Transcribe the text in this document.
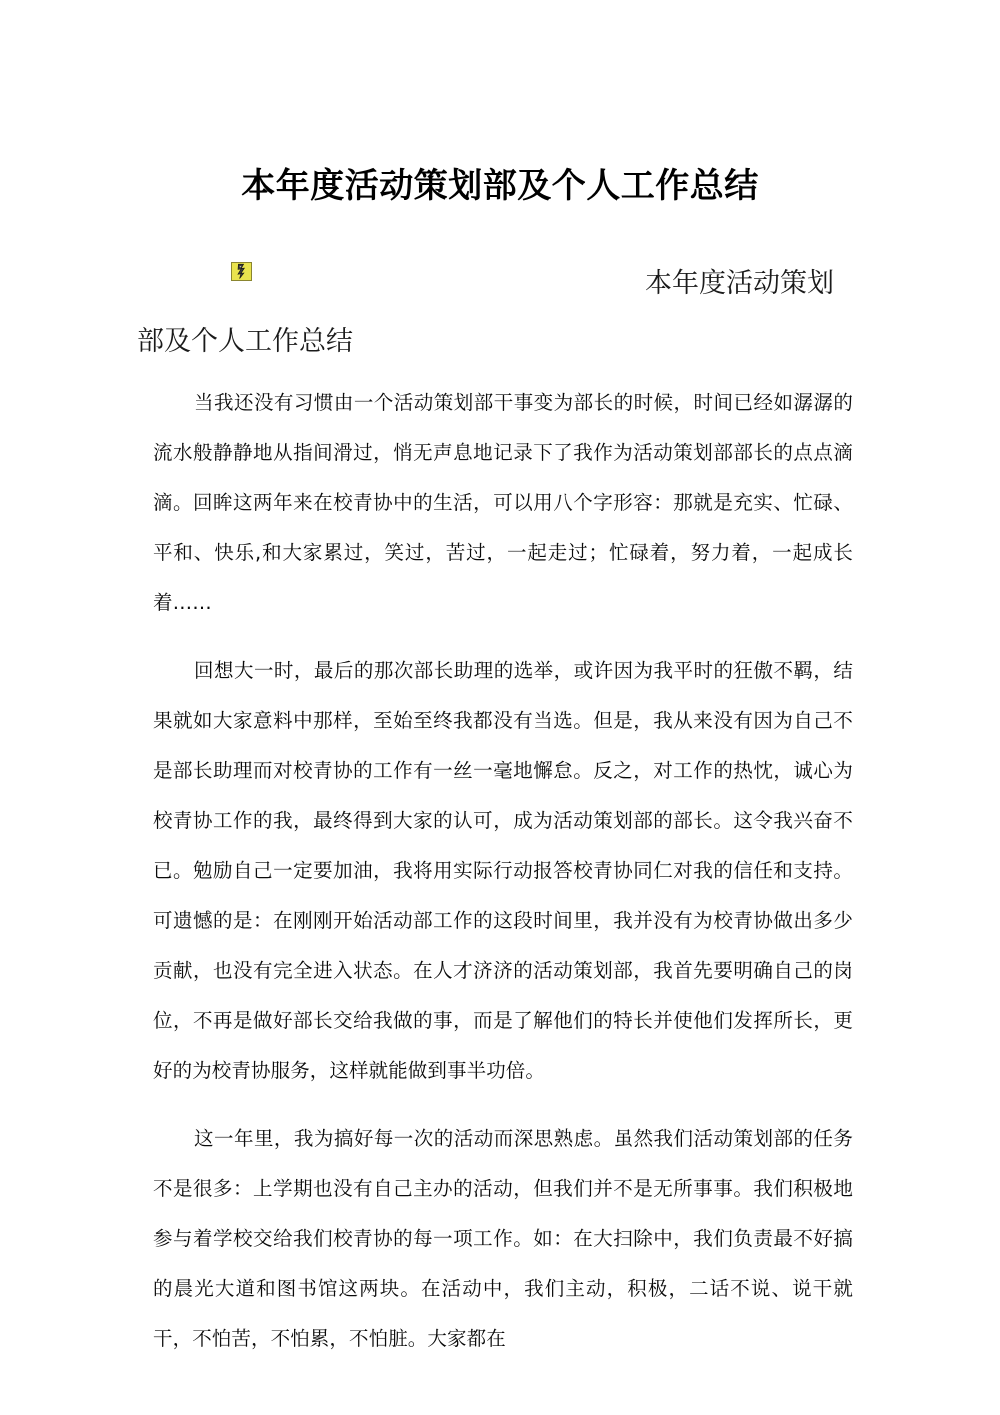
本年度活动策划部及个人工作总结
本年度活动策划
部及个人工作总结

当我还没有习惯由一个活动策划部干事变为部长的时候，时间已经如潺潺的流水般静静地从指间滑过，悄无声息地记录下了我作为活动策划部部长的点点滴滴。回眸这两年来在校青协中的生活，可以用八个字形容：那就是充实、忙碌、平和、快乐,和大家累过，笑过，苦过，一起走过；忙碌着，努力着，一起成长着……

回想大一时，最后的那次部长助理的选举，或许因为我平时的狂傲不羁，结果就如大家意料中那样，至始至终我都没有当选。但是，我从来没有因为自己不是部长助理而对校青协的工作有一丝一毫地懈怠。反之，对工作的热忱，诚心为校青协工作的我，最终得到大家的认可，成为活动策划部的部长。这令我兴奋不已。勉励自己一定要加油，我将用实际行动报答校青协同仁对我的信任和支持。可遗憾的是：在刚刚开始活动部工作的这段时间里，我并没有为校青协做出多少贡献，也没有完全进入状态。在人才济济的活动策划部，我首先要明确自己的岗位，不再是做好部长交给我做的事，而是了解他们的特长并使他们发挥所长，更好的为校青协服务，这样就能做到事半功倍。

这一年里，我为搞好每一次的活动而深思熟虑。虽然我们活动策划部的任务不是很多：上学期也没有自己主办的活动，但我们并不是无所事事。我们积极地参与着学校交给我们校青协的每一项工作。如：在大扫除中，我们负责最不好搞的晨光大道和图书馆这两块。在活动中，我们主动，积极，二话不说、说干就干，不怕苦，不怕累，不怕脏。大家都在
